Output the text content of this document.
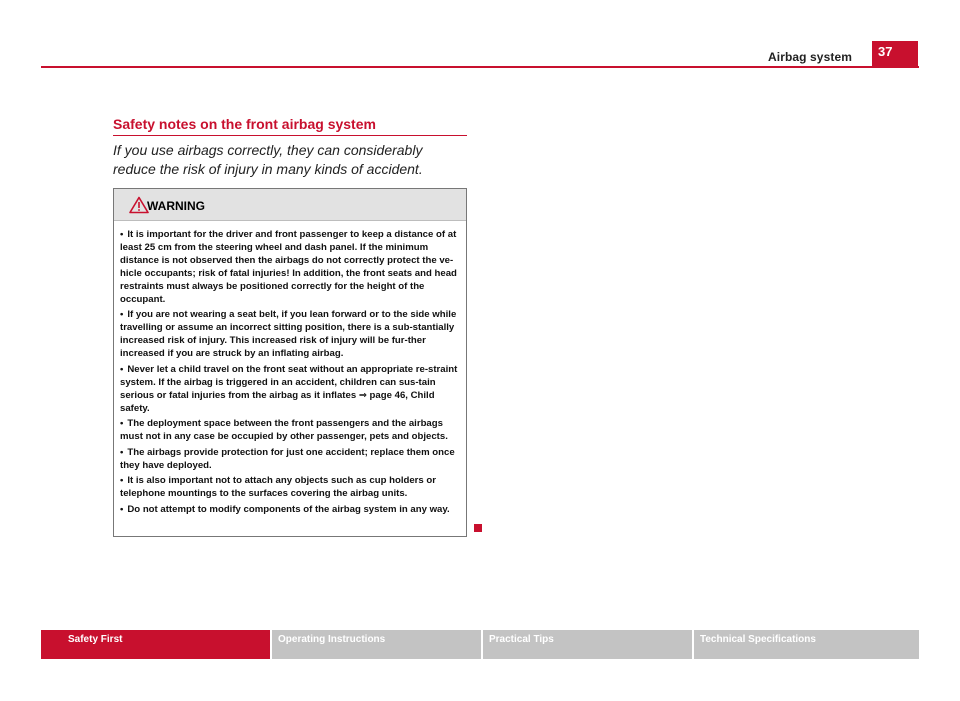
Airbag system	37
Safety notes on the front airbag system
If you use airbags correctly, they can considerably reduce the risk of injury in many kinds of accident.
WARNING
• It is important for the driver and front passenger to keep a distance of at least 25 cm from the steering wheel and dash panel. If the minimum distance is not observed then the airbags do not correctly protect the ve-hicle occupants; risk of fatal injuries! In addition, the front seats and head restraints must always be positioned correctly for the height of the occupant.
• If you are not wearing a seat belt, if you lean forward or to the side while travelling or assume an incorrect sitting position, there is a sub-stantially increased risk of injury. This increased risk of injury will be fur-ther increased if you are struck by an inflating airbag.
• Never let a child travel on the front seat without an appropriate re-straint system. If the airbag is triggered in an accident, children can sus-tain serious or fatal injuries from the airbag as it inflates ⇒ page 46, Child safety.
• The deployment space between the front passengers and the airbags must not in any case be occupied by other passenger, pets and objects.
• The airbags provide protection for just one accident; replace them once they have deployed.
• It is also important not to attach any objects such as cup holders or telephone mountings to the surfaces covering the airbag units.
• Do not attempt to modify components of the airbag system in any way.
Safety First	Operating Instructions	Practical Tips	Technical Specifications
